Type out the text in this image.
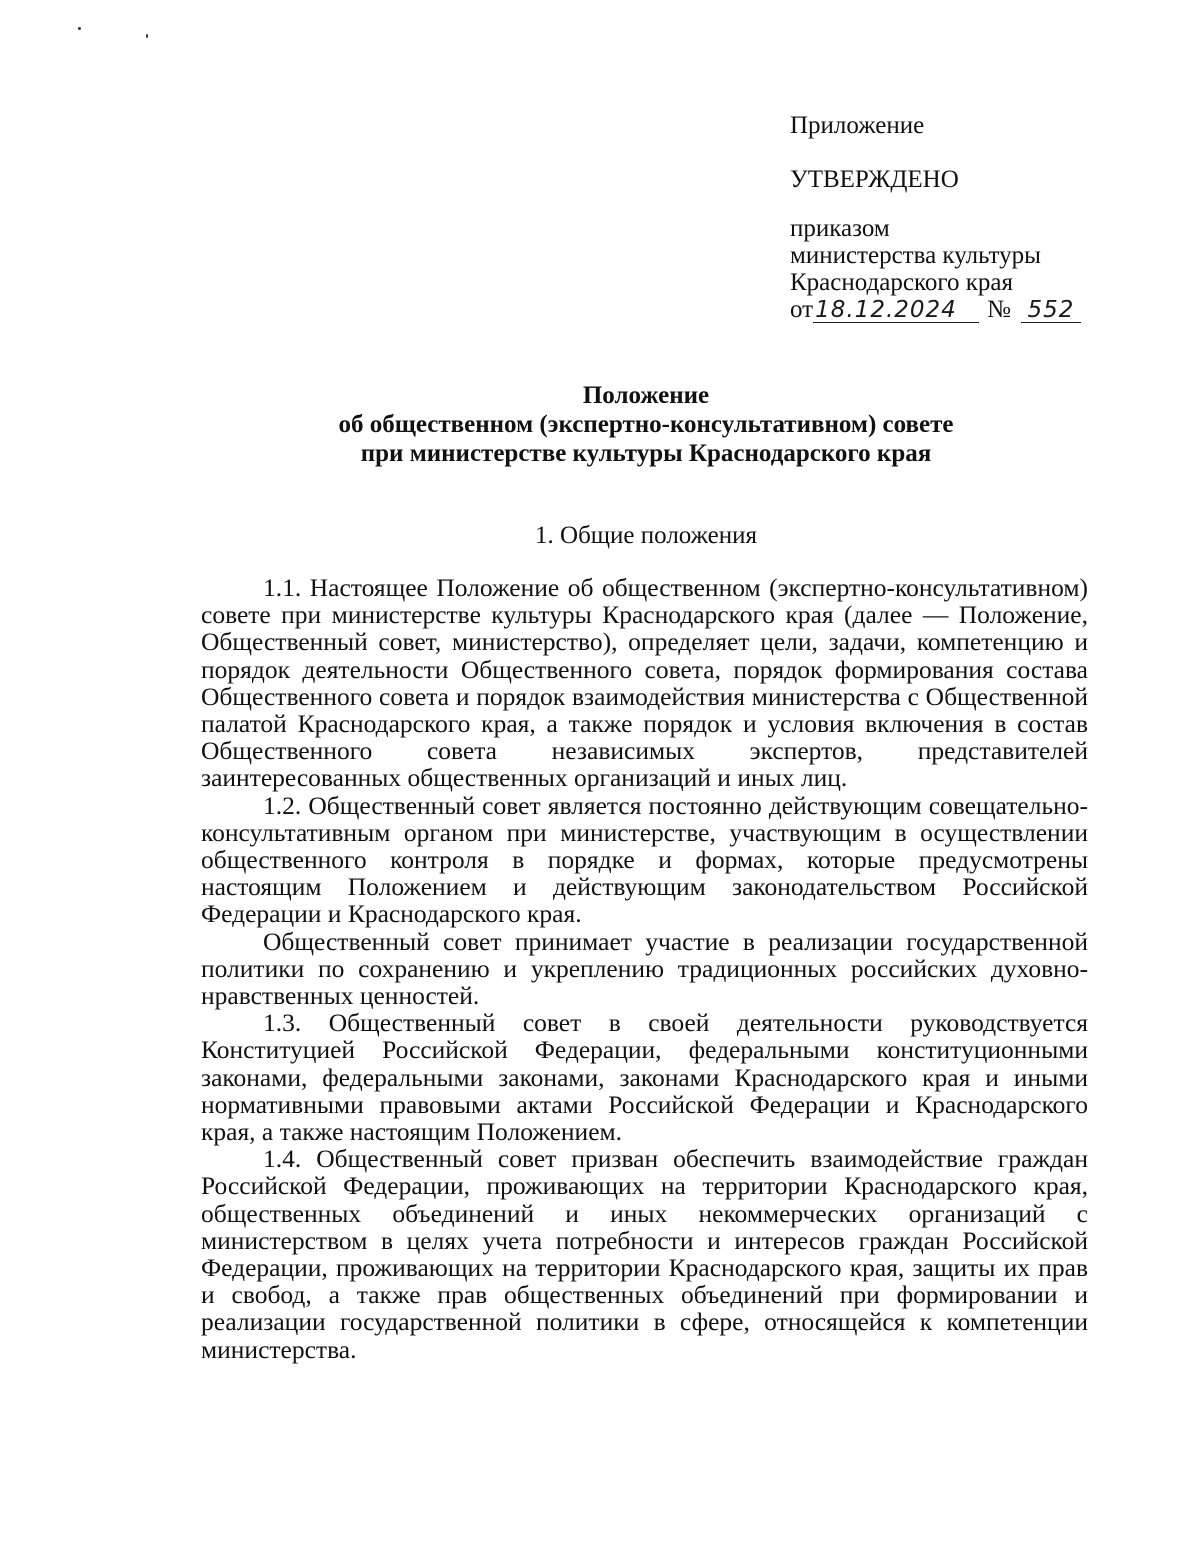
Приложение
УТВЕРЖДЕНО
приказом
министерства культуры
Краснодарского края
от 18.12.2024	№ 552
Положение
об общественном (экспертно-консультативном) совете
при министерстве культуры Краснодарского края
1. Общие положения

1.1. Настоящее Положение об общественном (экспертно-консультативном) совете при министерстве культуры Краснодарского края (далее — Положение, Общественный совет, министерство), определяет цели, задачи, компетенцию и порядок деятельности Общественного совета, порядок формирования состава Общественного совета и порядок взаимодействия министерства с Общественной палатой Краснодарского края, а также порядок и условия включения в состав Общественного совета независимых экспертов, представителей заинтересованных общественных организаций и иных лиц.

1.2. Общественный совет является постоянно действующим совещательно-консультативным органом при министерстве, участвующим в осуществлении общественного контроля в порядке и формах, которые предусмотрены настоящим Положением и действующим законодательством Российской Федерации и Краснодарского края.

Общественный совет принимает участие в реализации государственной политики по сохранению и укреплению традиционных российских духовно-нравственных ценностей.

1.3. Общественный совет в своей деятельности руководствуется Конституцией Российской Федерации, федеральными конституционными законами, федеральными законами, законами Краснодарского края и иными нормативными правовыми актами Российской Федерации и Краснодарского края, а также настоящим Положением.

1.4. Общественный совет призван обеспечить взаимодействие граждан Российской Федерации, проживающих на территории Краснодарского края, общественных объединений и иных некоммерческих организаций с министерством в целях учета потребности и интересов граждан Российской Федерации, проживающих на территории Краснодарского края, защиты их прав и свобод, а также прав общественных объединений при формировании и реализации государственной политики в сфере, относящейся к компетенции министерства.
